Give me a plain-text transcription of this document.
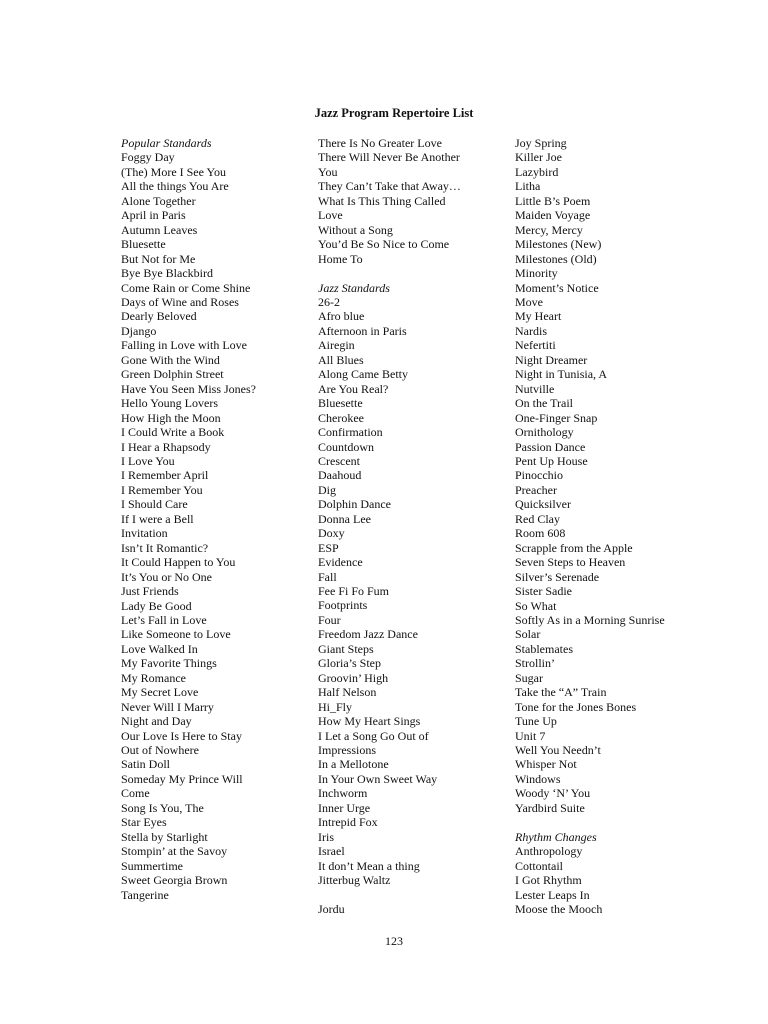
Jazz Program Repertoire List
Popular Standards
Foggy Day
(The) More I See You
All the things You Are
Alone Together
April in Paris
Autumn Leaves
Bluesette
But Not for Me
Bye Bye Blackbird
Come Rain or Come Shine
Days of Wine and Roses
Dearly Beloved
Django
Falling in Love with Love
Gone With the Wind
Green Dolphin Street
Have You Seen Miss Jones?
Hello Young Lovers
How High the Moon
I Could Write a Book
I Hear a Rhapsody
I Love You
I Remember April
I Remember You
I Should Care
If I were a Bell
Invitation
Isn’t It Romantic?
It Could Happen to You
It’s You or No One
Just Friends
Lady Be Good
Let’s Fall in Love
Like Someone to Love
Love Walked In
My Favorite Things
My Romance
My Secret Love
Never Will I Marry
Night and Day
Our Love Is Here to Stay
Out of Nowhere
Satin Doll
Someday My Prince Will
Come
Song Is You, The
Star Eyes
Stella by Starlight
Stompin’ at the Savoy
Summertime
Sweet Georgia Brown
Tangerine
There Is No Greater Love
There Will Never Be Another
You
They Can’t Take that Away…
What Is This Thing Called
Love
Without a Song
You’d Be So Nice to Come
Home To
Jazz Standards
26-2
Afro blue
Afternoon in Paris
Airegin
All Blues
Along Came Betty
Are You Real?
Bluesette
Cherokee
Confirmation
Countdown
Crescent
Daahoud
Dig
Dolphin Dance
Donna Lee
Doxy
ESP
Evidence
Fall
Fee Fi Fo Fum
Footprints
Four
Freedom Jazz Dance
Giant Steps
Gloria’s Step
Groovin’ High
Half Nelson
Hi_Fly
How My Heart Sings
I Let a Song Go Out of
Impressions
In a Mellotone
In Your Own Sweet Way
Inchworm
Inner Urge
Intrepid Fox
Iris
Israel
It don’t Mean a thing
Jitterbug Waltz
Jordu
Joy Spring
Killer Joe
Lazybird
Litha
Little B’s Poem
Maiden Voyage
Mercy, Mercy
Milestones (New)
Milestones (Old)
Minority
Moment’s Notice
Move
My Heart
Nardis
Nefertiti
Night Dreamer
Night in Tunisia, A
Nutville
On the Trail
One-Finger Snap
Ornithology
Passion Dance
Pent Up House
Pinocchio
Preacher
Quicksilver
Red Clay
Room 608
Scrapple from the Apple
Seven Steps to Heaven
Silver’s Serenade
Sister Sadie
So What
Softly As in a Morning Sunrise
Solar
Stablemates
Strollin’
Sugar
Take the “A” Train
Tone for the Jones Bones
Tune Up
Unit 7
Well You Needn’t
Whisper Not
Windows
Woody ‘N’ You
Yardbird Suite
Rhythm Changes
Anthropology
Cottontail
I Got Rhythm
Lester Leaps In
Moose the Mooch
123
